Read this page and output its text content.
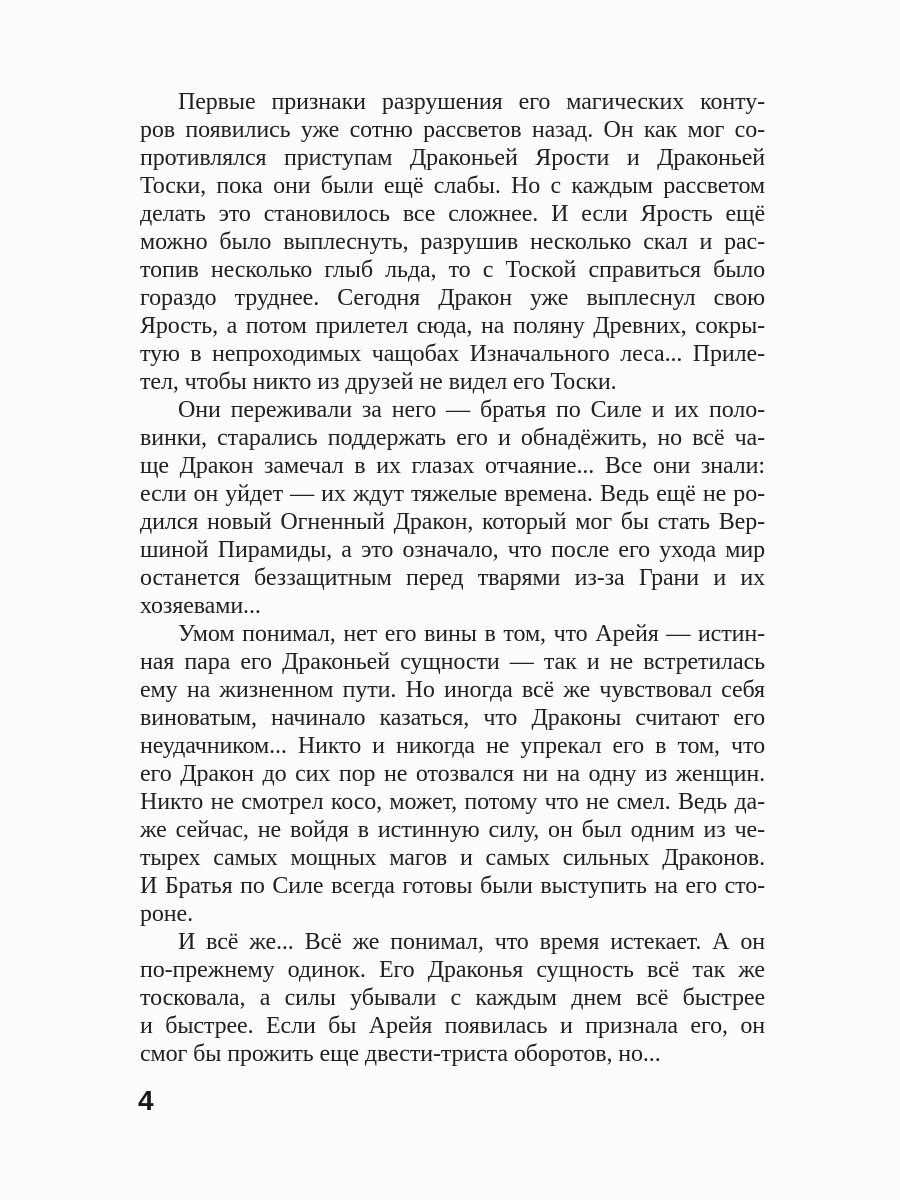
Первые признаки разрушения его магических конту-
ров появились уже сотню рассветов назад. Он как мог со-
противлялся приступам Драконьей Ярости и Драконьей
Тоски, пока они были ещё слабы. Но с каждым рассветом
делать это становилось все сложнее. И если Ярость ещё
можно было выплеснуть, разрушив несколько скал и рас-
топив несколько глыб льда, то с Тоской справиться было
гораздо труднее. Сегодня Дракон уже выплеснул свою
Ярость, а потом прилетел сюда, на поляну Древних, сокры-
тую в непроходимых чащобах Изначального леса... Приле-
тел, чтобы никто из друзей не видел его Тоски.
Они переживали за него — братья по Силе и их поло-
винки, старались поддержать его и обнадёжить, но всё ча-
ще Дракон замечал в их глазах отчаяние... Все они знали:
если он уйдет — их ждут тяжелые времена. Ведь ещё не ро-
дился новый Огненный Дракон, который мог бы стать Вер-
шиной Пирамиды, а это означало, что после его ухода мир
останется беззащитным перед тварями из-за Грани и их
хозяевами...
Умом понимал, нет его вины в том, что Арейя — истин-
ная пара его Драконьей сущности — так и не встретилась
ему на жизненном пути. Но иногда всё же чувствовал себя
виноватым, начинало казаться, что Драконы считают его
неудачником... Никто и никогда не упрекал его в том, что
его Дракон до сих пор не отозвался ни на одну из женщин.
Никто не смотрел косо, может, потому что не смел. Ведь да-
же сейчас, не войдя в истинную силу, он был одним из че-
тырех самых мощных магов и самых сильных Драконов.
И Братья по Силе всегда готовы были выступить на его сто-
роне.
И всё же... Всё же понимал, что время истекает. А он
по-прежнему одинок. Его Драконья сущность всё так же
тосковала, а силы убывали с каждым днем всё быстрее
и быстрее. Если бы Арейя появилась и признала его, он
смог бы прожить еще двести-триста оборотов, но...
4
